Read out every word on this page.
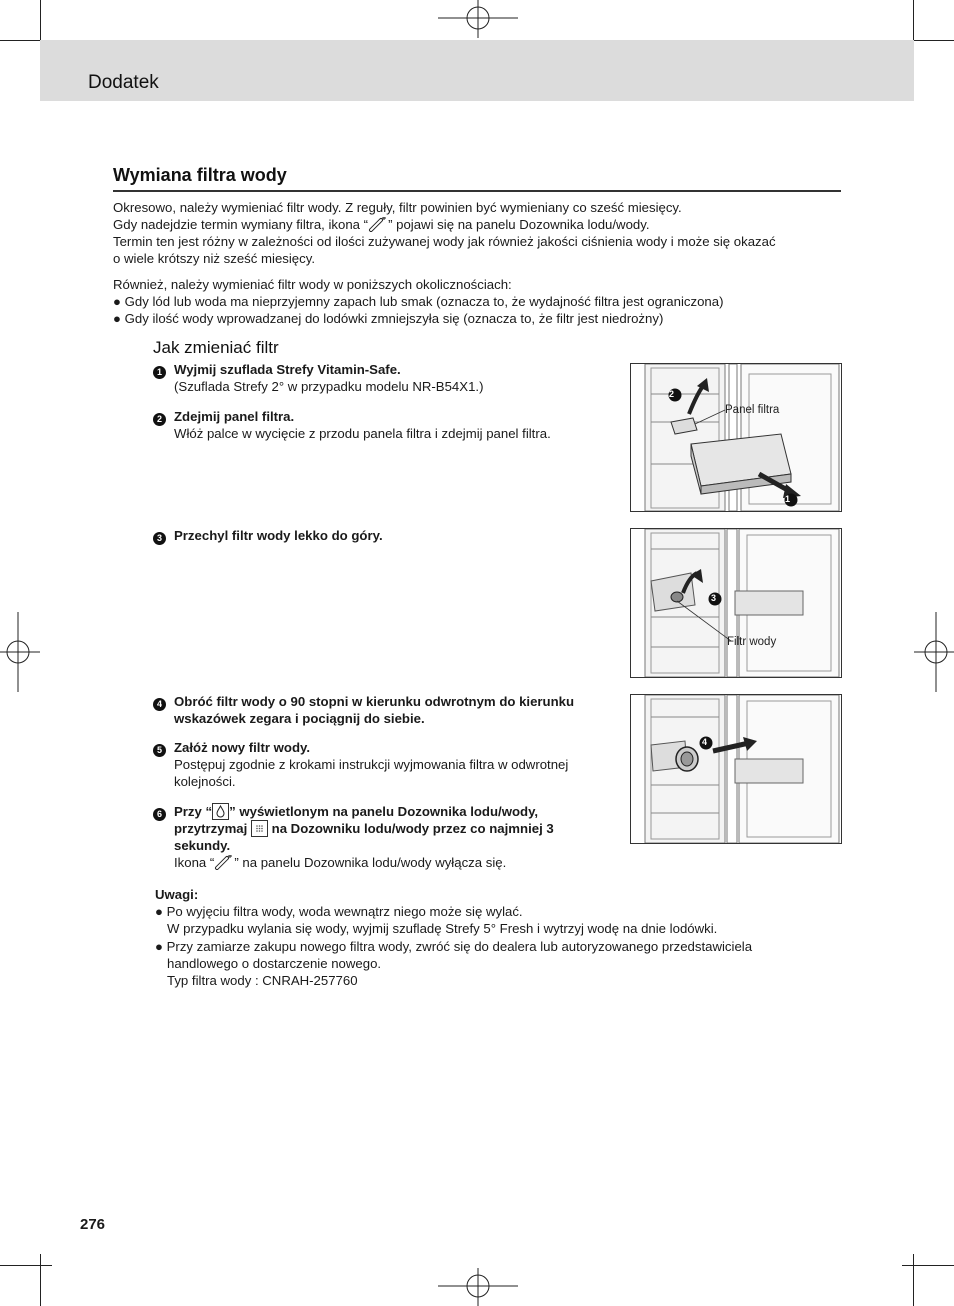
Dodatek
Wymiana filtra wody
Okresowo, należy wymieniać filtr wody. Z reguły, filtr powinien być wymieniany co sześć miesięcy.
Gdy nadejdzie termin wymiany filtra, ikona “ ” pojawi się na panelu Dozownika lodu/wody.
Termin ten jest różny w zależności od ilości zużywanej wody jak również jakości ciśnienia wody i może się okazać
o wiele krótszy niż sześć miesięcy.
Również, należy wymieniać filtr wody w poniższych okolicznościach:
● Gdy lód lub woda ma nieprzyjemny zapach lub smak (oznacza to, że wydajność filtra jest ograniczona)
● Gdy ilość wody wprowadzanej do lodówki zmniejszyła się (oznacza to, że filtr jest niedrożny)
Jak zmieniać filtr
1 Wyjmij szuflada Strefy Vitamin-Safe.
(Szuflada Strefy 2° w przypadku modelu NR-B54X1.)
2 Zdejmij panel filtra.
Włóż palce w wycięcie z przodu panela filtra i zdejmij panel filtra.
3 Przechyl filtr wody lekko do góry.
4 Obróć filtr wody o 90 stopni w kierunku odwrotnym do kierunku
wskazówek zegara i pociągnij do siebie.
5 Załóż nowy filtr wody.
Postępuj zgodnie z krokami instrukcji wyjmowania filtra w odwrotnej
kolejności.
6 Przy “ ” wyświetlonym na panelu Dozownika lodu/wody,
przytrzymaj  na Dozowniku lodu/wody przez co najmniej 3
sekundy.
Ikona “ ” na panelu Dozownika lodu/wody wyłącza się.
2
1
Panel filtra
3
Filtr wody
4
Uwagi:
● Po wyjęciu filtra wody, woda wewnątrz niego może się wylać.
W przypadku wylania się wody, wyjmij szufladę Strefy 5° Fresh i wytrzyj wodę na dnie lodówki.
● Przy zamiarze zakupu nowego filtra wody, zwróć się do dealera lub autoryzowanego przedstawiciela
handlowego o dostarczenie nowego.
Typ filtra wody : CNRAH-257760
276
